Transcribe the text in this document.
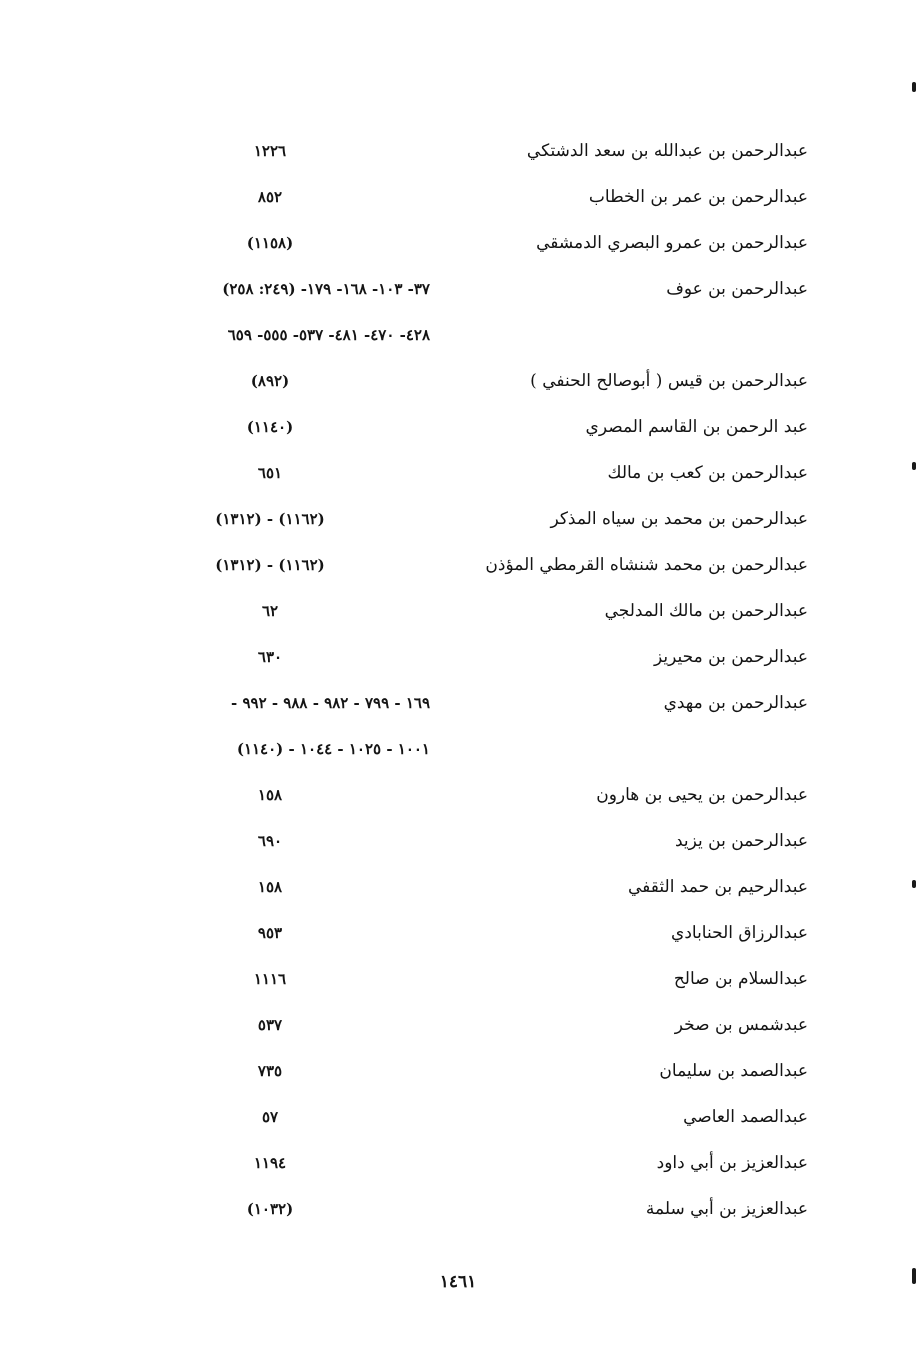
عبدالرحمن بن عبدالله بن سعد الدشتكي
١٢٢٦
عبدالرحمن بن عمر بن الخطاب
٨٥٢
عبدالرحمن بن عمرو البصري الدمشقي
(١١٥٨)
عبدالرحمن بن عوف
٣٧- ١٠٣- ١٦٨- ١٧٩- (٢٤٩: ٢٥٨)
٤٢٨- ٤٧٠- ٤٨١- ٥٣٧- ٥٥٥- ٦٥٩
عبدالرحمن بن قيس ( أبوصالح الحنفي )
(٨٩٢)
عبد الرحمن بن القاسم المصري
(١١٤٠)
عبدالرحمن بن كعب بن مالك
٦٥١
عبدالرحمن بن محمد بن سياه المذكر
(١١٦٢) - (١٣١٢)
عبدالرحمن بن محمد شنشاه القرمطي المؤذن
(١١٦٢) - (١٣١٢)
عبدالرحمن بن مالك المدلجي
٦٢
عبدالرحمن بن محيريز
٦٣٠
عبدالرحمن بن مهدي
١٦٩ - ٧٩٩ - ٩٨٢ - ٩٨٨ - ٩٩٢ -
١٠٠١ - ١٠٢٥ - ١٠٤٤ - (١١٤٠)
عبدالرحمن بن يحيى بن هارون
١٥٨
عبدالرحمن بن يزيد
٦٩٠
عبدالرحيم بن حمد الثقفي
١٥٨
عبدالرزاق الحنابادي
٩٥٣
عبدالسلام بن صالح
١١١٦
عبدشمس بن صخر
٥٣٧
عبدالصمد بن سليمان
٧٣٥
عبدالصمد العاصي
٥٧
عبدالعزيز بن أبي داود
١١٩٤
عبدالعزيز بن أبي سلمة
(١٠٣٢)
١٤٦١
